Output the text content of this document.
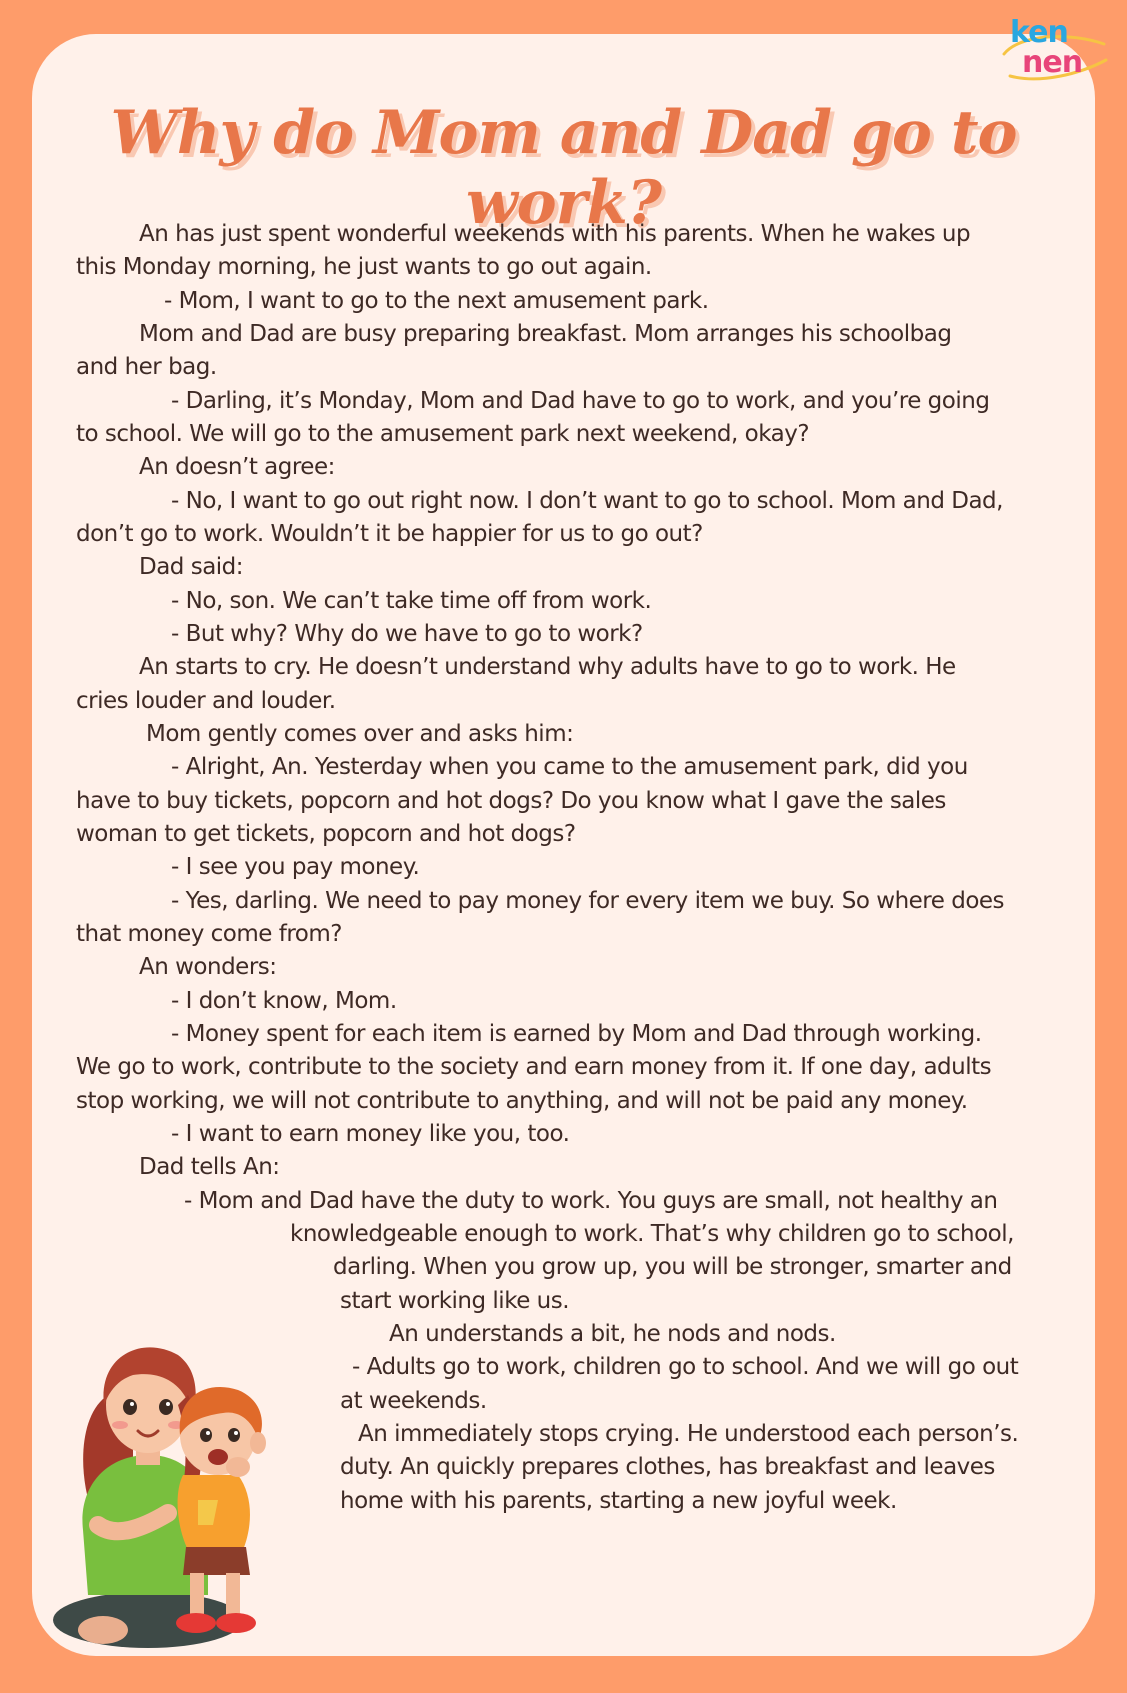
ken
nen
Why do Mom and Dad go to work?
An has just spent wonderful weekends with his parents. When he wakes up
this Monday morning, he just wants to go out again.
- Mom, I want to go to the next amusement park.
Mom and Dad are busy preparing breakfast. Mom arranges his schoolbag
and her bag.
- Darling, it’s Monday, Mom and Dad have to go to work, and you’re going
to school. We will go to the amusement park next weekend, okay?
An doesn’t agree:
- No, I want to go out right now. I don’t want to go to school. Mom and Dad,
don’t go to work. Wouldn’t it be happier for us to go out?
Dad said:
- No, son. We can’t take time off from work.
- But why? Why do we have to go to work?
An starts to cry. He doesn’t understand why adults have to go to work. He
cries louder and louder.
Mom gently comes over and asks him:
- Alright, An. Yesterday when you came to the amusement park, did you
have to buy tickets, popcorn and hot dogs? Do you know what I gave the sales
woman to get tickets, popcorn and hot dogs?
- I see you pay money.
- Yes, darling. We need to pay money for every item we buy. So where does
that money come from?
An wonders:
- I don’t know, Mom.
- Money spent for each item is earned by Mom and Dad through working.
We go to work, contribute to the society and earn money from it. If one day, adults
stop working, we will not contribute to anything, and will not be paid any money.
- I want to earn money like you, too.
Dad tells An:
- Mom and Dad have the duty to work. You guys are small, not healthy an
knowledgeable enough to work. That’s why children go to school,
darling. When you grow up, you will be stronger, smarter and
start working like us.
An understands a bit, he nods and nods.
- Adults go to work, children go to school. And we will go out
at weekends.
An immediately stops crying. He understood each person’s.
duty. An quickly prepares clothes, has breakfast and leaves
home with his parents, starting a new joyful week.
